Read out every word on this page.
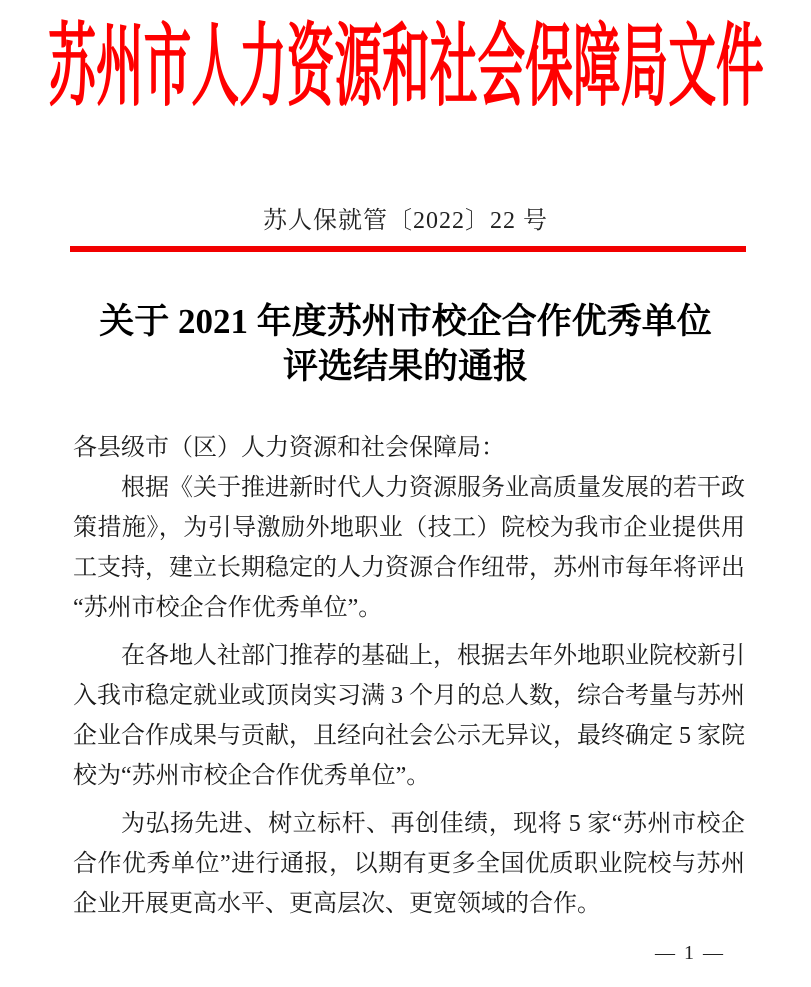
苏州市人力资源和社会保障局文件
苏人保就管〔2022〕22 号
关于 2021 年度苏州市校企合作优秀单位
评选结果的通报
各县级市（区）人力资源和社会保障局：
根据《关于推进新时代人力资源服务业高质量发展的若干政
策措施》，为引导激励外地职业（技工）院校为我市企业提供用
工支持，建立长期稳定的人力资源合作纽带，苏州市每年将评出
“苏州市校企合作优秀单位”。
在各地人社部门推荐的基础上，根据去年外地职业院校新引
入我市稳定就业或顶岗实习满 3 个月的总人数，综合考量与苏州
企业合作成果与贡献，且经向社会公示无异议，最终确定 5 家院
校为“苏州市校企合作优秀单位”。
为弘扬先进、树立标杆、再创佳绩，现将 5 家“苏州市校企
合作优秀单位”进行通报，以期有更多全国优质职业院校与苏州
企业开展更高水平、更高层次、更宽领域的合作。
— 1 —
